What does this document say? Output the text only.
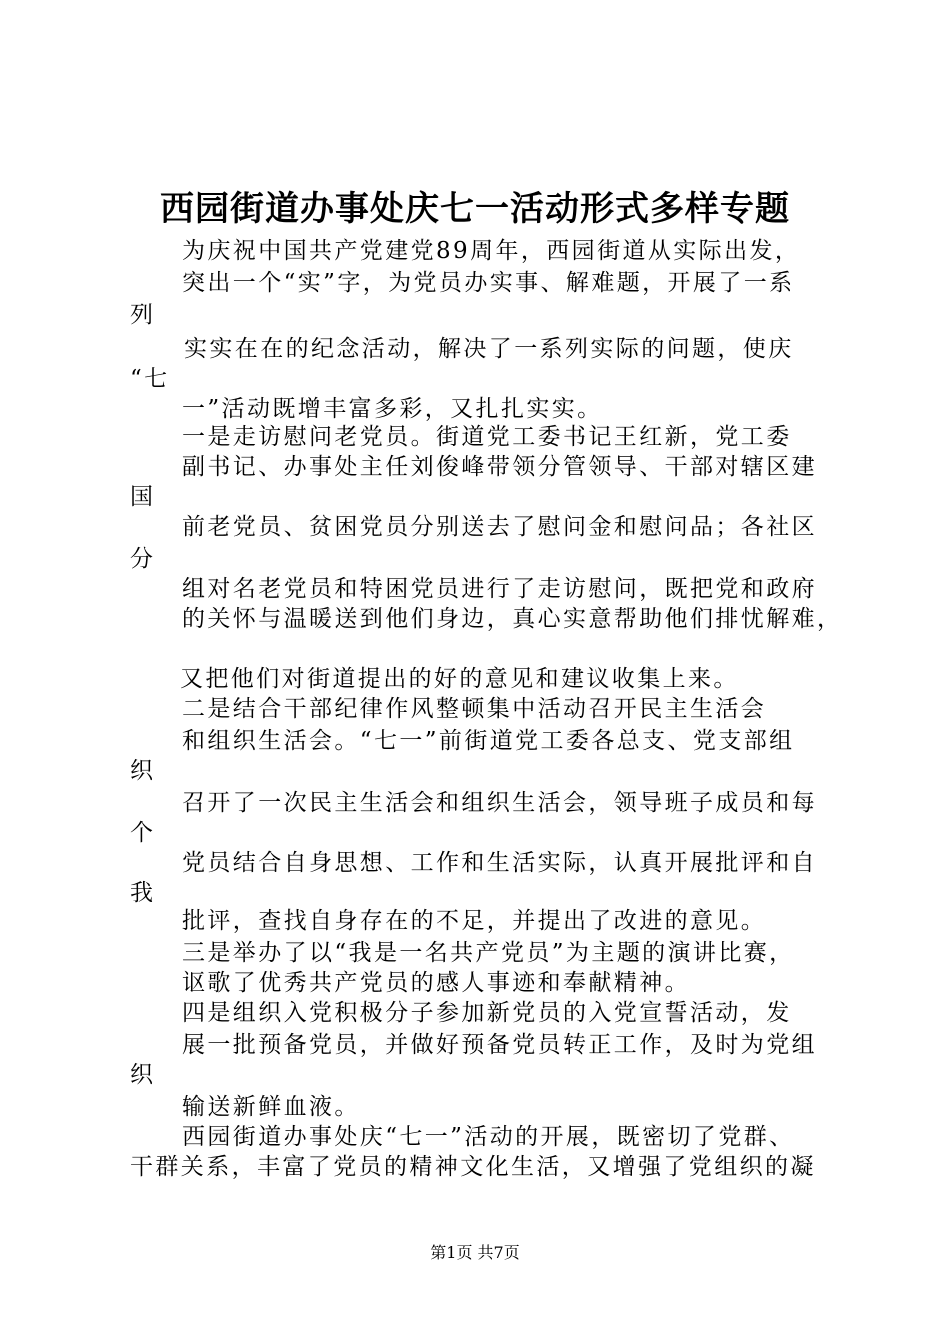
西园街道办事处庆七一活动形式多样专题
为庆祝中国共产党建党89周年，西园街道从实际出发，
突出一个“实”字，为党员办实事、解难题，开展了一系
列
实实在在的纪念活动，解决了一系列实际的问题，使庆
“七
一”活动既增丰富多彩，又扎扎实实。
一是走访慰问老党员。街道党工委书记王红新，党工委
副书记、办事处主任刘俊峰带领分管领导、干部对辖区建
国
前老党员、贫困党员分别送去了慰问金和慰问品；各社区
分
组对名老党员和特困党员进行了走访慰问，既把党和政府
的关怀与温暖送到他们身边，真心实意帮助他们排忧解难，
又把他们对街道提出的好的意见和建议收集上来。
二是结合干部纪律作风整顿集中活动召开民主生活会
和组织生活会。“七一”前街道党工委各总支、党支部组
织
召开了一次民主生活会和组织生活会，领导班子成员和每
个
党员结合自身思想、工作和生活实际，认真开展批评和自
我
批评，查找自身存在的不足，并提出了改进的意见。
三是举办了以“我是一名共产党员”为主题的演讲比赛，
讴歌了优秀共产党员的感人事迹和奉献精神。
四是组织入党积极分子参加新党员的入党宣誓活动，发
展一批预备党员，并做好预备党员转正工作，及时为党组
织
输送新鲜血液。
西园街道办事处庆“七一”活动的开展，既密切了党群、
干群关系，丰富了党员的精神文化生活，又增强了党组织的凝
第1页 共7页
